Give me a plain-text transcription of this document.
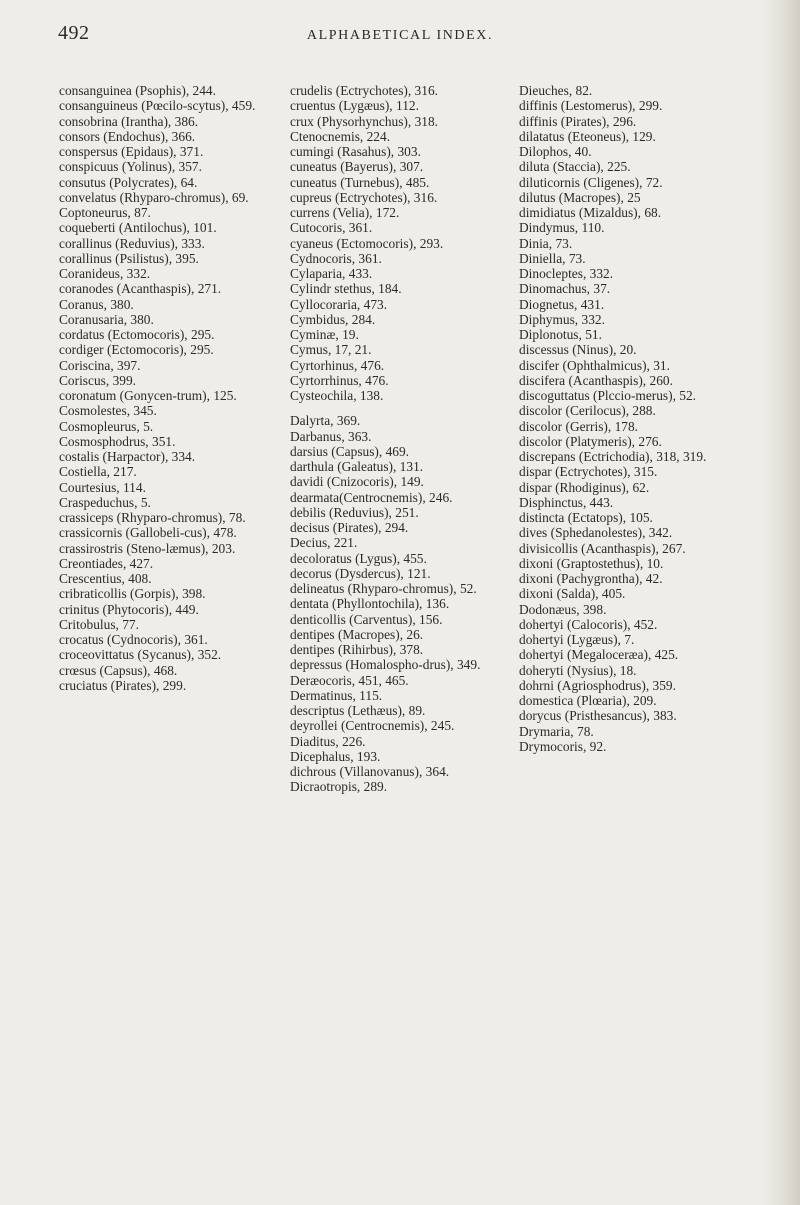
492	ALPHABETICAL INDEX.
consanguinea (Psophis), 244.
consanguineus (Pœcilo-scytus), 459.
consobrina (Irantha), 386.
consors (Endochus), 366.
conspersus (Epidaus), 371.
conspicuus (Yolinus), 357.
consutus (Polycrates), 64.
convelatus (Rhyparo-chromus), 69.
Coptoneurus, 87.
coqueberti (Antilochus), 101.
corallinus (Reduvius), 333.
corallinus (Psilistus), 395.
Coranideus, 332.
coranodes (Acanthaspis), 271.
Coranus, 380.
Coranusaria, 380.
cordatus (Ectomocoris), 295.
cordiger (Ectomocoris), 295.
Coriscina, 397.
Coriscus, 399.
coronatum (Gonycen-trum), 125.
Cosmolestes, 345.
Cosmopleurus, 5.
Cosmosphodrus, 351.
costalis (Harpactor), 334.
Costiella, 217.
Courtesius, 114.
Craspeduchus, 5.
crassiceps (Rhyparo-chromus), 78.
crassicornis (Gallobeli-cus), 478.
crassirostris (Steno-læmus), 203.
Creontiades, 427.
Crescentius, 408.
cribraticollis (Gorpis), 398.
crinitus (Phytocoris), 449.
Critobulus, 77.
crocatus (Cydnocoris), 361.
croceovittatus (Sycanus), 352.
crœsus (Capsus), 468.
cruciatus (Pirates), 299.
crudelis (Ectrychotes), 316.
cruentus (Lygæus), 112.
crux (Physorhynchus), 318.
Ctenocnemis, 224.
cumingi (Rasahus), 303.
cuneatus (Bayerus), 307.
cuneatus (Turnebus), 485.
cupreus (Ectrychotes), 316.
currens (Velia), 172.
Cutocoris, 361.
cyaneus (Ectomocoris), 293.
Cydnocoris, 361.
Cylaparia, 433.
Cylindr stethus, 184.
Cyllocoraria, 473.
Cymbidus, 284.
Cyminæ, 19.
Cymus, 17, 21.
Cyrtorhinus, 476.
Cyrtorrhinus, 476.
Cysteochila, 138.
Dalyrta, 369.
Darbanus, 363.
darsius (Capsus), 469.
darthula (Galeatus), 131.
davidi (Cnizocoris), 149.
dearmata(Centrocnemis), 246.
debilis (Reduvius), 251.
decisus (Pirates), 294.
Decius, 221.
decoloratus (Lygus), 455.
decorus (Dysdercus), 121.
delineatus (Rhyparo-chromus), 52.
dentata (Phyllontochila), 136.
denticollis (Carventus), 156.
dentipes (Macropes), 26.
dentipes (Rihirbus), 378.
depressus (Homalospho-drus), 349.
Deræocoris, 451, 465.
Dermatinus, 115.
descriptus (Lethæus), 89.
deyrollei (Centrocnemis), 245.
Diaditus, 226.
Dicephalus, 193.
dichrous (Villanovanus), 364.
Dicraotropis, 289.
Dieuches, 82.
diffinis (Lestomerus), 299.
diffinis (Pirates), 296.
dilatatus (Eteoneus), 129.
Dilophos, 40.
diluta (Staccia), 225.
diluticornis (Cligenes), 72.
dilutus (Macropes), 25
dimidiatus (Mizaldus), 68.
Dindymus, 110.
Dinia, 73.
Diniella, 73.
Dinocleptes, 332.
Dinomachus, 37.
Diognetus, 431.
Diphymus, 332.
Diplonotus, 51.
discessus (Ninus), 20.
discifer (Ophthalmicus), 31.
discifera (Acanthaspis), 260.
discoguttatus (Plccio-merus), 52.
discolor (Cerilocus), 288.
discolor (Gerris), 178.
discolor (Platymeris), 276.
discrepans (Ectrichodia), 318, 319.
dispar (Ectrychotes), 315.
dispar (Rhodiginus), 62.
Disphinctus, 443.
distincta (Ectatops), 105.
dives (Sphedanolestes), 342.
divisicollis (Acanthaspis), 267.
dixoni (Graptostethus), 10.
dixoni (Pachygrontha), 42.
dixoni (Salda), 405.
Dodonæus, 398.
dohertyi (Calocoris), 452.
dohertyi (Lygæus), 7.
dohertyi (Megaloceræa), 425.
doheryti (Nysius), 18.
dohrni (Agriosphodrus), 359.
domestica (Plœaria), 209.
dorycus (Pristhesancus), 383.
Drymaria, 78.
Drymocoris, 92.
